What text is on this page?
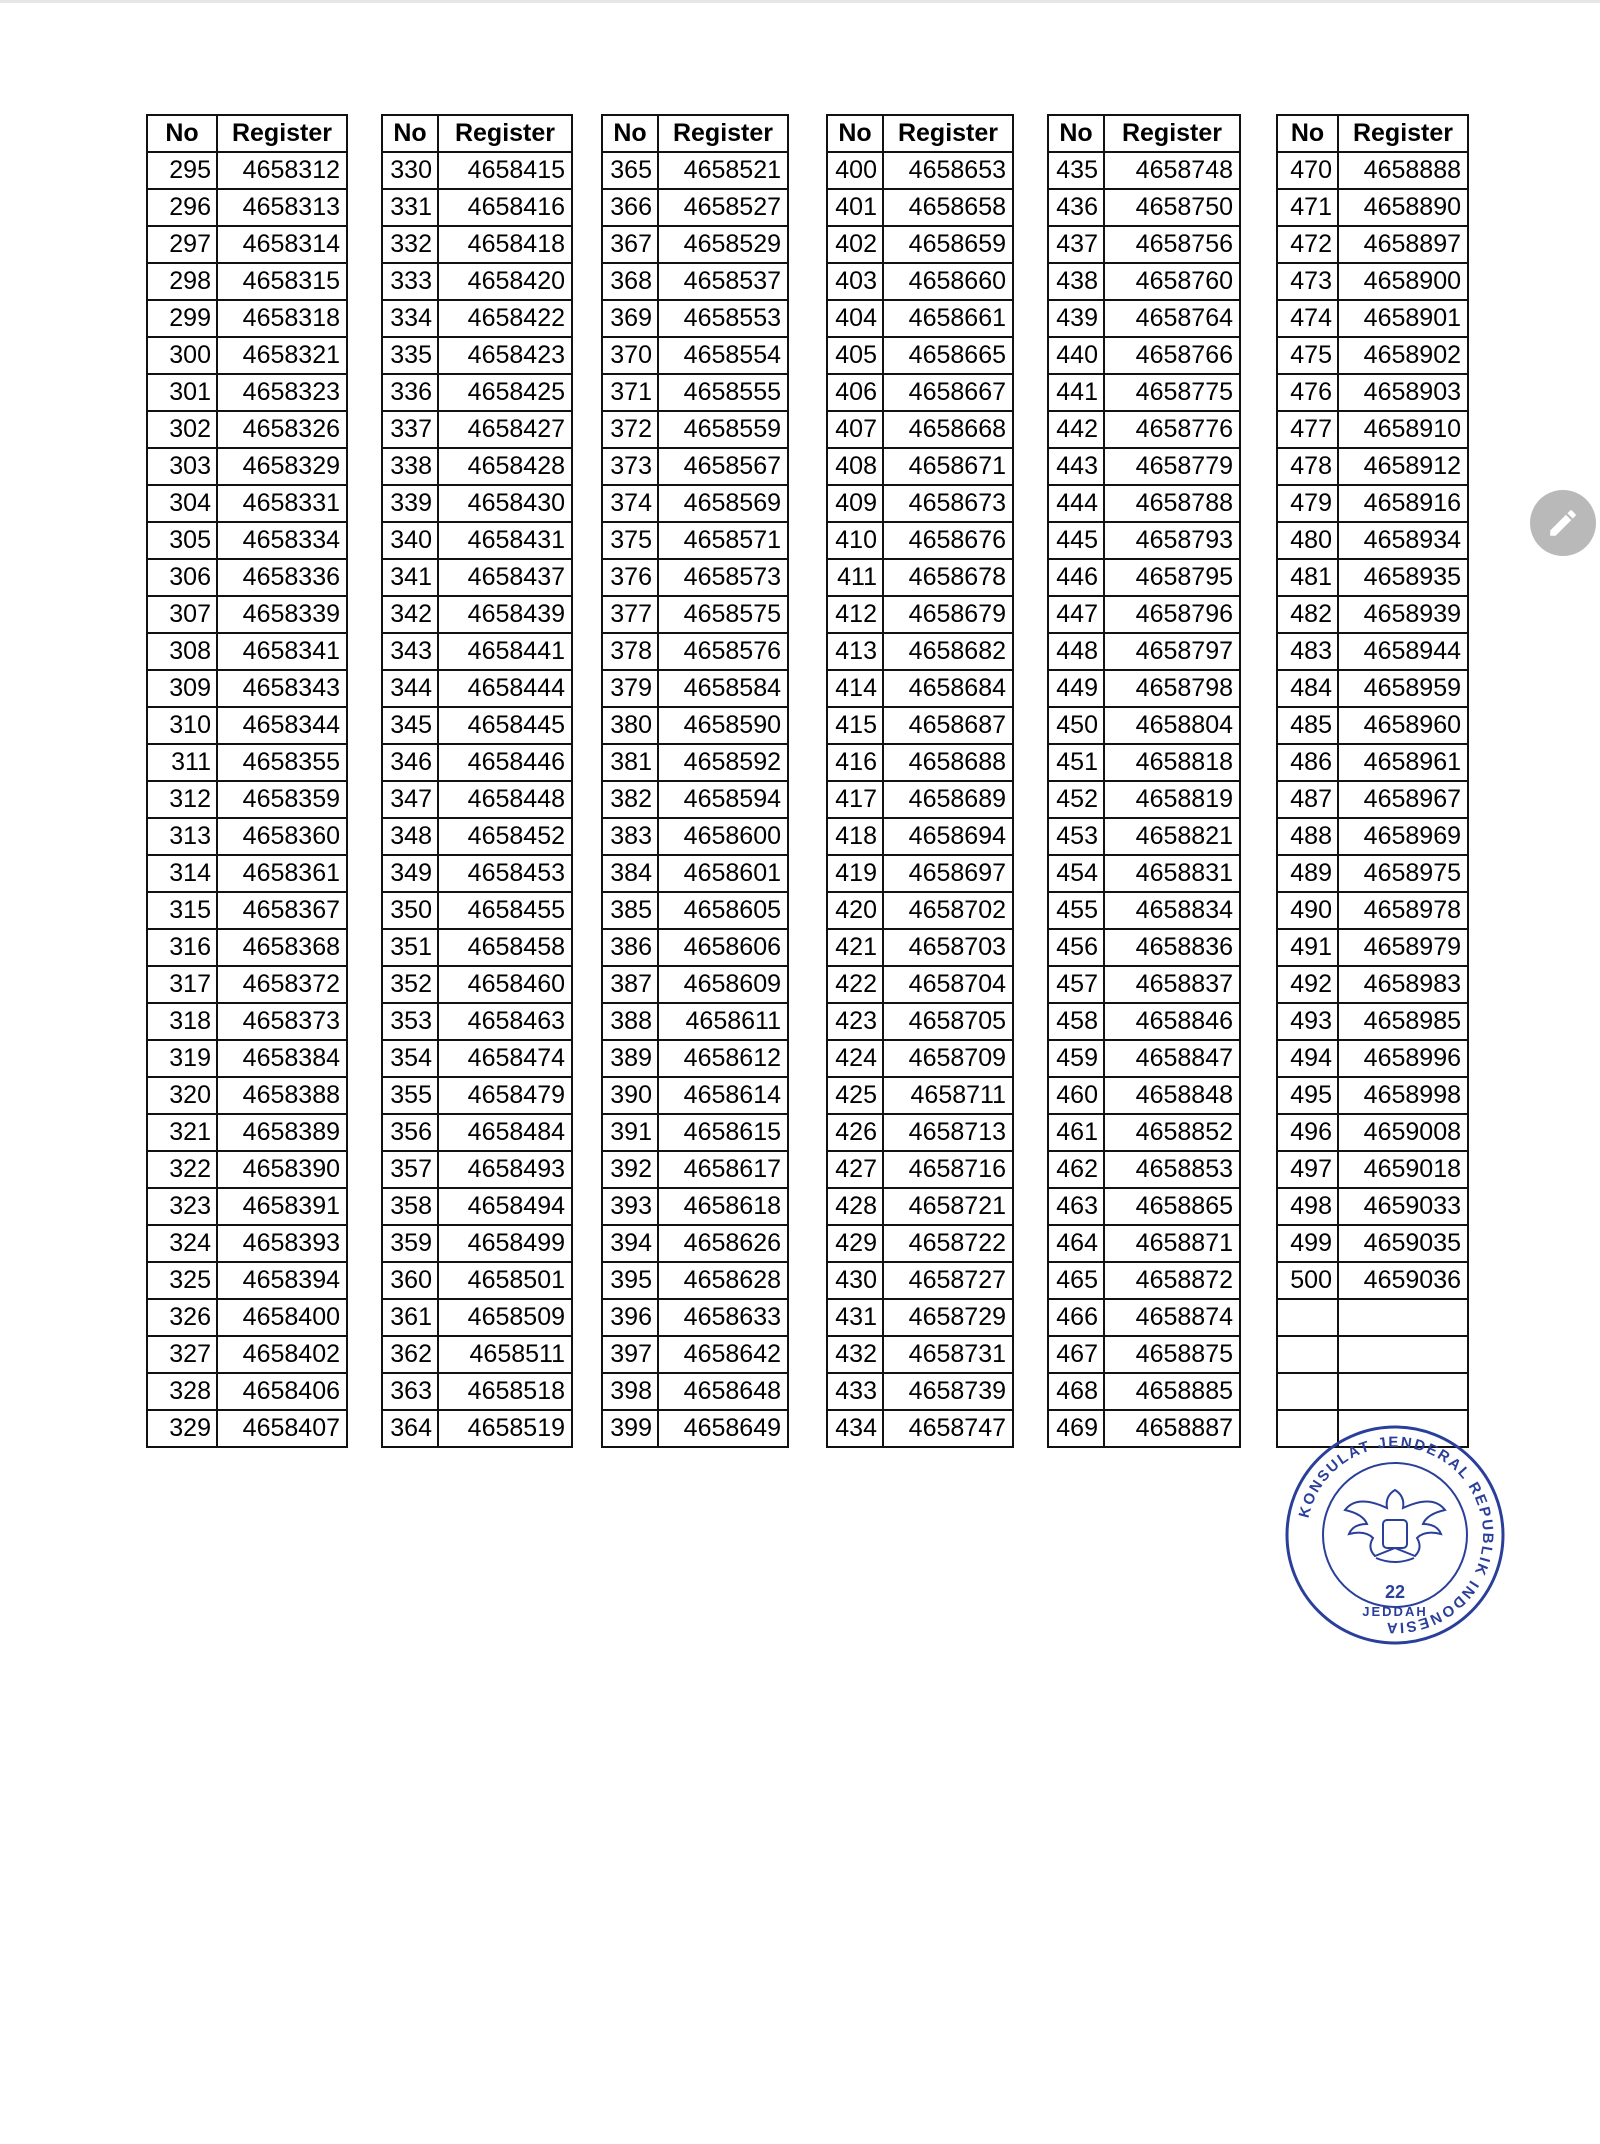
No	Register
295	4658312
296	4658313
297	4658314
298	4658315
299	4658318
300	4658321
301	4658323
302	4658326
303	4658329
304	4658331
305	4658334
306	4658336
307	4658339
308	4658341
309	4658343
310	4658344
311	4658355
312	4658359
313	4658360
314	4658361
315	4658367
316	4658368
317	4658372
318	4658373
319	4658384
320	4658388
321	4658389
322	4658390
323	4658391
324	4658393
325	4658394
326	4658400
327	4658402
328	4658406
329	4658407
No	Register
330	4658415
331	4658416
332	4658418
333	4658420
334	4658422
335	4658423
336	4658425
337	4658427
338	4658428
339	4658430
340	4658431
341	4658437
342	4658439
343	4658441
344	4658444
345	4658445
346	4658446
347	4658448
348	4658452
349	4658453
350	4658455
351	4658458
352	4658460
353	4658463
354	4658474
355	4658479
356	4658484
357	4658493
358	4658494
359	4658499
360	4658501
361	4658509
362	4658511
363	4658518
364	4658519
No	Register
365	4658521
366	4658527
367	4658529
368	4658537
369	4658553
370	4658554
371	4658555
372	4658559
373	4658567
374	4658569
375	4658571
376	4658573
377	4658575
378	4658576
379	4658584
380	4658590
381	4658592
382	4658594
383	4658600
384	4658601
385	4658605
386	4658606
387	4658609
388	4658611
389	4658612
390	4658614
391	4658615
392	4658617
393	4658618
394	4658626
395	4658628
396	4658633
397	4658642
398	4658648
399	4658649
No	Register
400	4658653
401	4658658
402	4658659
403	4658660
404	4658661
405	4658665
406	4658667
407	4658668
408	4658671
409	4658673
410	4658676
411	4658678
412	4658679
413	4658682
414	4658684
415	4658687
416	4658688
417	4658689
418	4658694
419	4658697
420	4658702
421	4658703
422	4658704
423	4658705
424	4658709
425	4658711
426	4658713
427	4658716
428	4658721
429	4658722
430	4658727
431	4658729
432	4658731
433	4658739
434	4658747
No	Register
435	4658748
436	4658750
437	4658756
438	4658760
439	4658764
440	4658766
441	4658775
442	4658776
443	4658779
444	4658788
445	4658793
446	4658795
447	4658796
448	4658797
449	4658798
450	4658804
451	4658818
452	4658819
453	4658821
454	4658831
455	4658834
456	4658836
457	4658837
458	4658846
459	4658847
460	4658848
461	4658852
462	4658853
463	4658865
464	4658871
465	4658872
466	4658874
467	4658875
468	4658885
469	4658887
No	Register
470	4658888
471	4658890
472	4658897
473	4658900
474	4658901
475	4658902
476	4658903
477	4658910
478	4658912
479	4658916
480	4658934
481	4658935
482	4658939
483	4658944
484	4658959
485	4658960
486	4658961
487	4658967
488	4658969
489	4658975
490	4658978
491	4658979
492	4658983
493	4658985
494	4658996
495	4658998
496	4659008
497	4659018
498	4659033
499	4659035
500	4659036

KONSULAT JENDERAL REPUBLIK INDONESIA
22
JEDDAH
